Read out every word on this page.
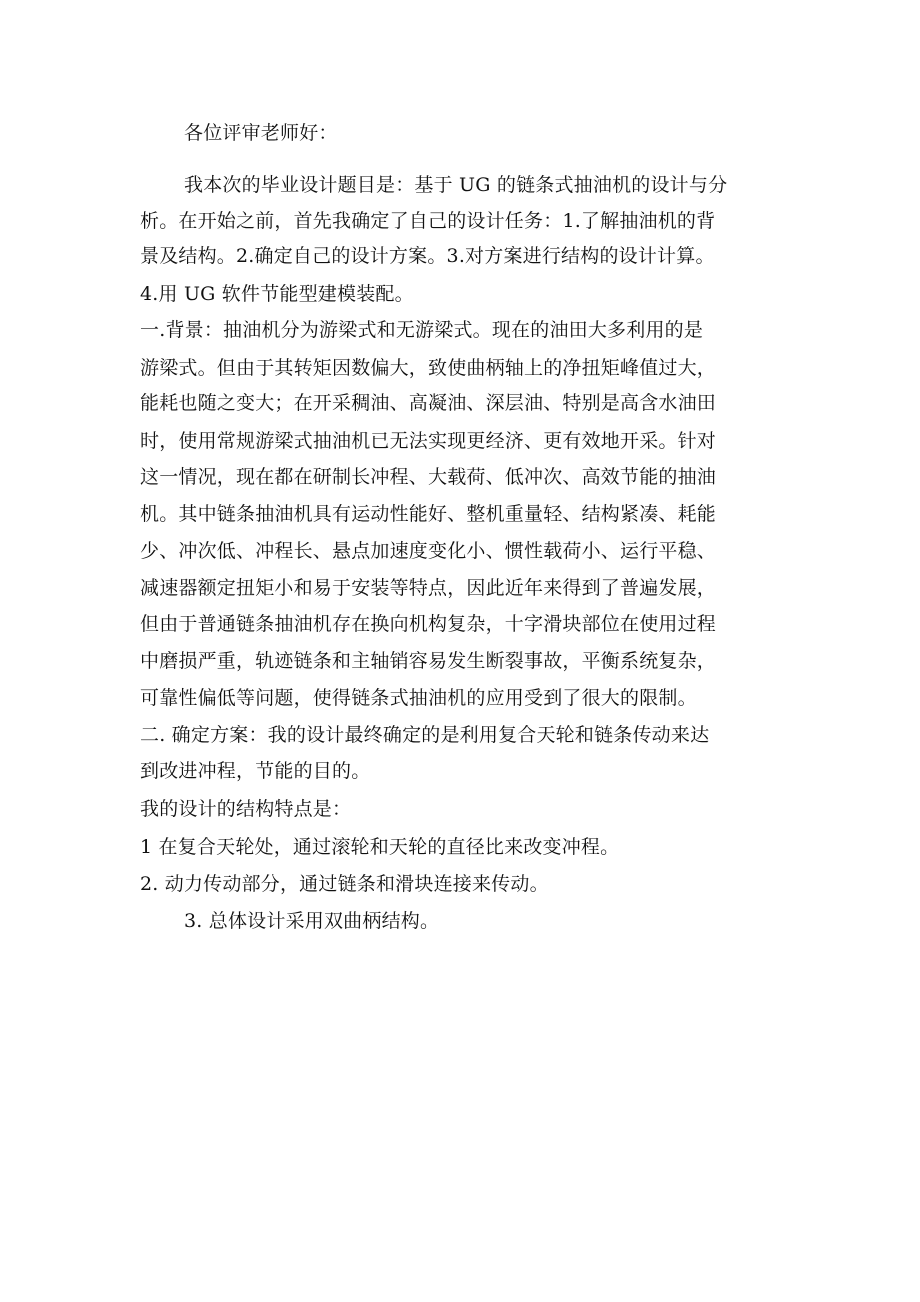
各位评审老师好：
我本次的毕业设计题目是：基于 UG 的链条式抽油机的设计与分
析。在开始之前，首先我确定了自己的设计任务：1.了解抽油机的背
景及结构。2.确定自己的设计方案。3.对方案进行结构的设计计算。
4.用 UG 软件节能型建模装配。
一.背景：抽油机分为游梁式和无游梁式。现在的油田大多利用的是
游梁式。但由于其转矩因数偏大，致使曲柄轴上的净扭矩峰值过大，
能耗也随之变大；在开采稠油、高凝油、深层油、特别是高含水油田
时，使用常规游梁式抽油机已无法实现更经济、更有效地开采。针对
这一情况，现在都在研制长冲程、大载荷、低冲次、高效节能的抽油
机。其中链条抽油机具有运动性能好、整机重量轻、结构紧凑、耗能
少、冲次低、冲程长、悬点加速度变化小、惯性载荷小、运行平稳、
减速器额定扭矩小和易于安装等特点，因此近年来得到了普遍发展，
但由于普通链条抽油机存在换向机构复杂，十字滑块部位在使用过程
中磨损严重，轨迹链条和主轴销容易发生断裂事故，平衡系统复杂，
可靠性偏低等问题，使得链条式抽油机的应用受到了很大的限制。
二. 确定方案：我的设计最终确定的是利用复合天轮和链条传动来达
到改进冲程，节能的目的。
我的设计的结构特点是：
1 在复合天轮处，通过滚轮和天轮的直径比来改变冲程。
2. 动力传动部分，通过链条和滑块连接来传动。
3. 总体设计采用双曲柄结构。
